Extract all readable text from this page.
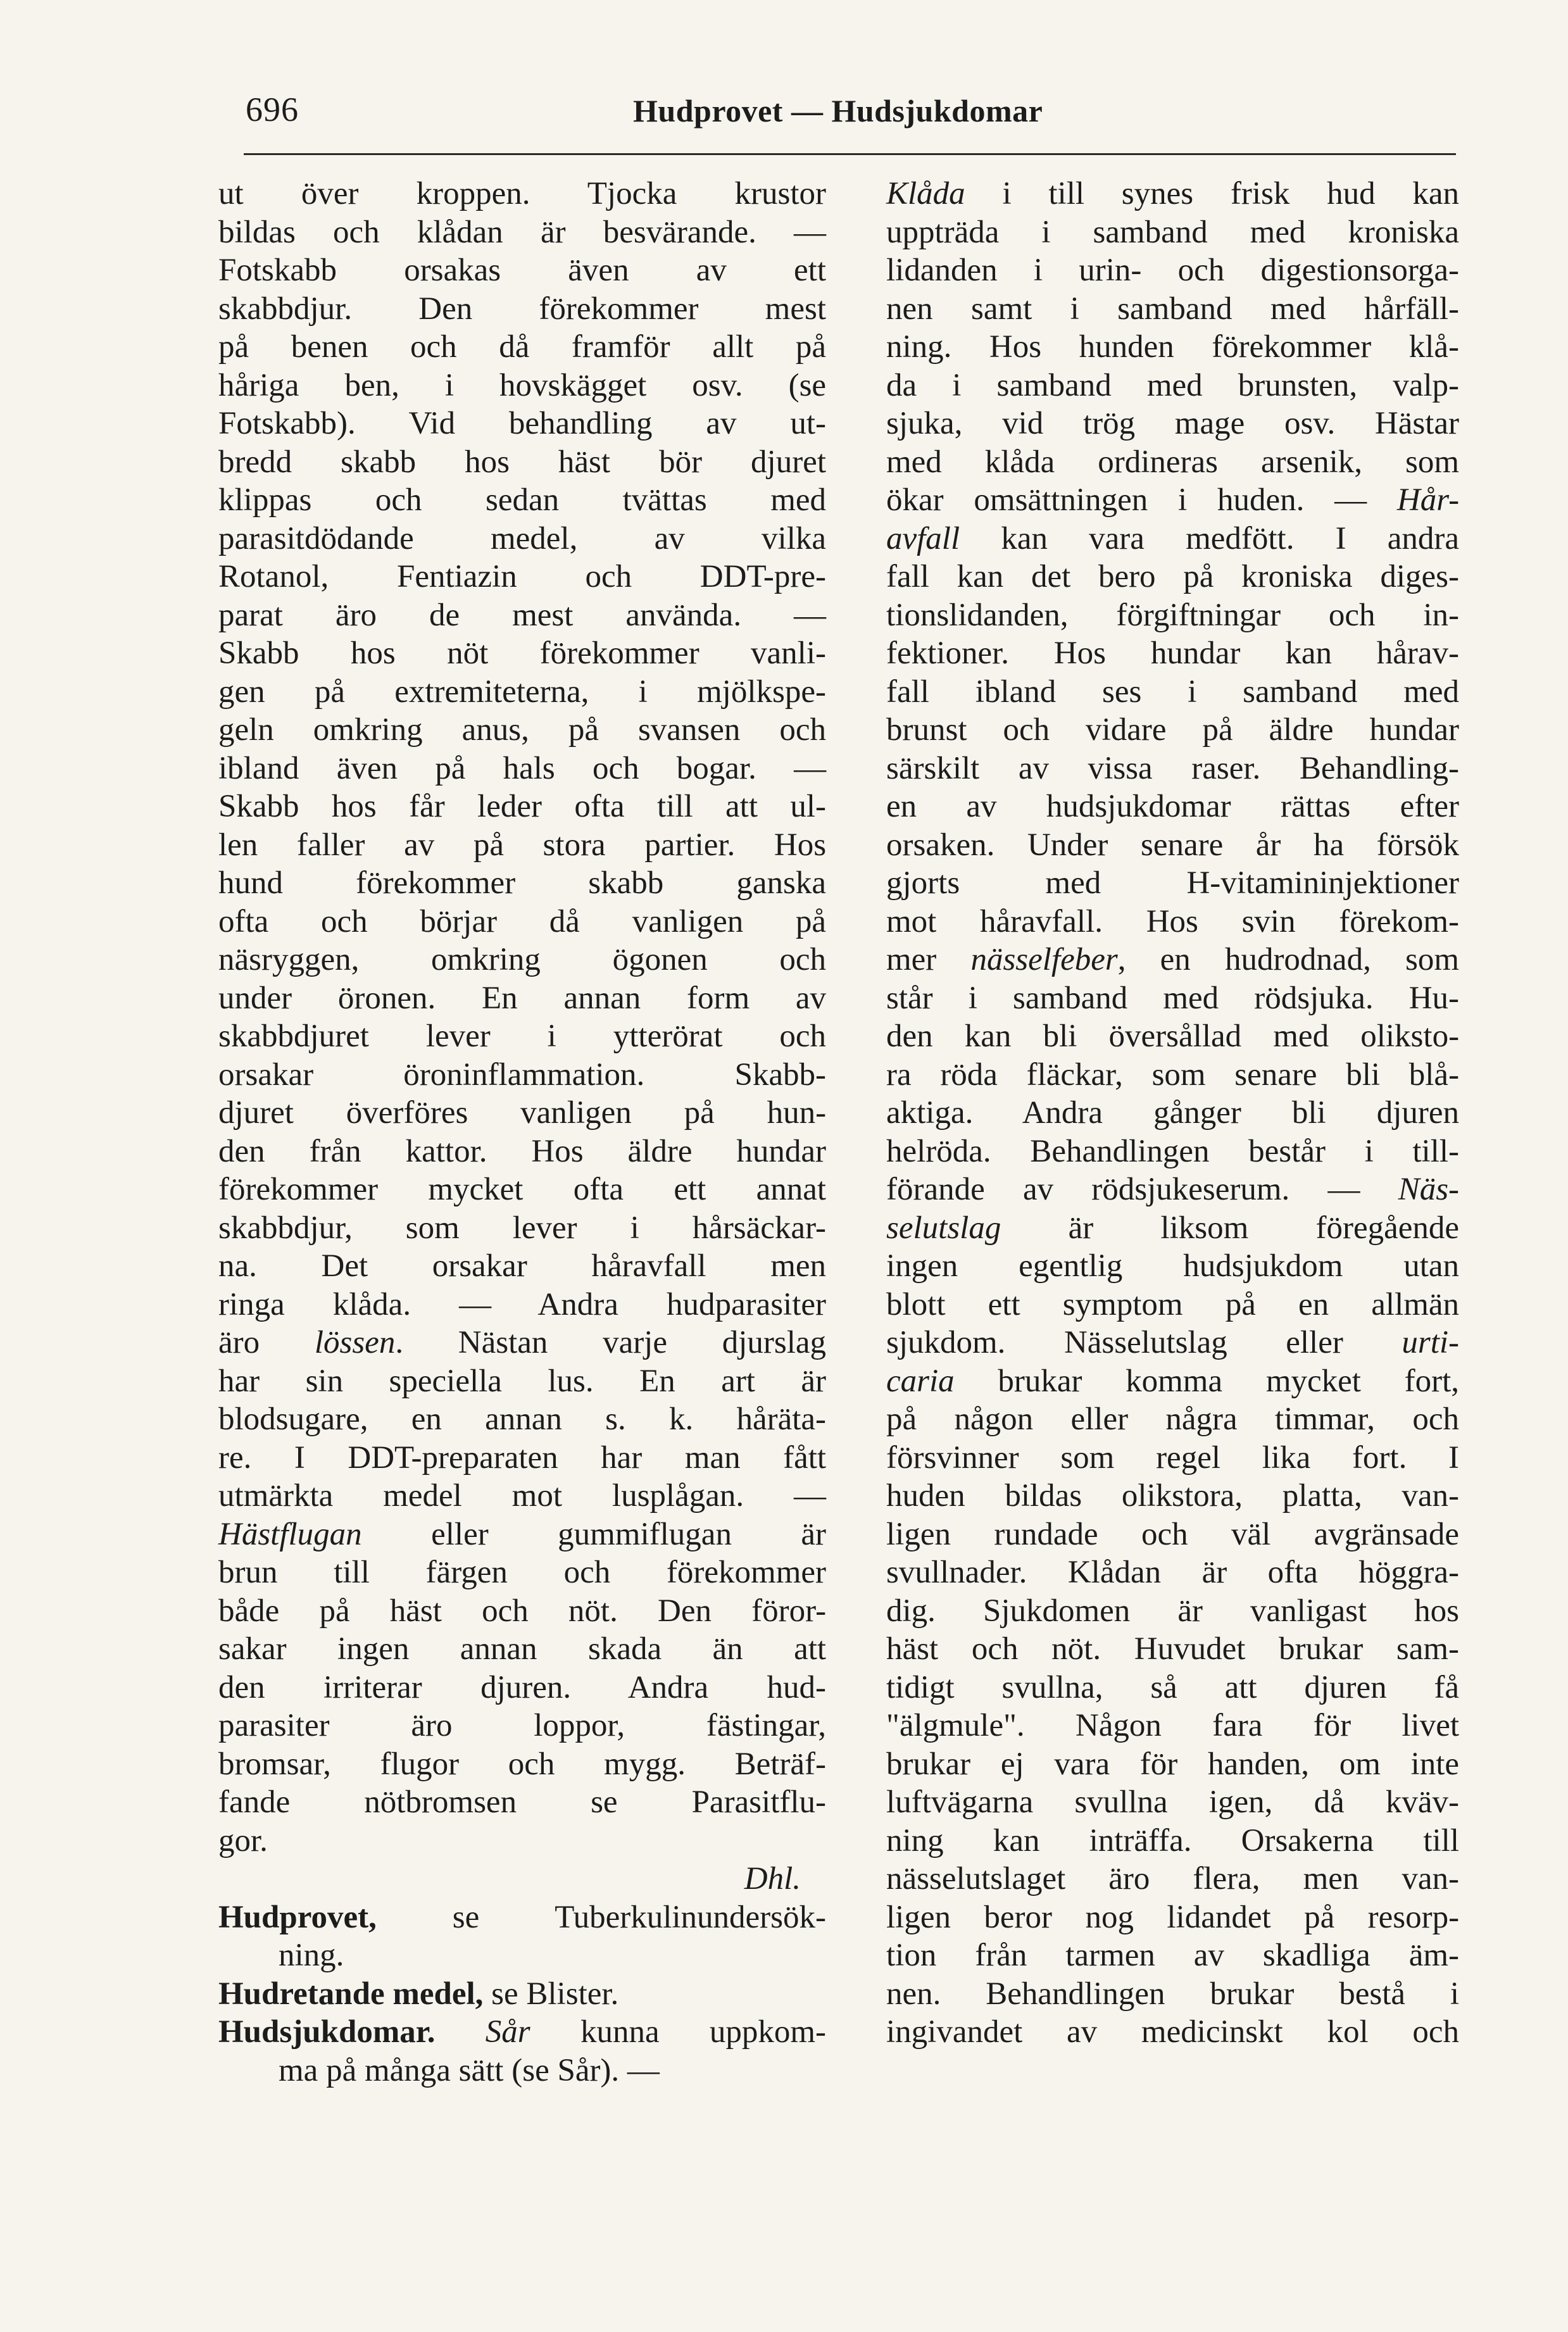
696	Hudprovet — Hudsjukdomar
ut över kroppen. Tjocka krustor
bildas och klådan är besvärande. —
Fotskabb orsakas även av ett
skabbdjur. Den förekommer mest
på benen och då framför allt på
håriga ben, i hovskägget osv. (se
Fotskabb). Vid behandling av ut-
bredd skabb hos häst bör djuret
klippas och sedan tvättas med
parasitdödande medel, av vilka
Rotanol, Fentiazin och DDT-pre-
parat äro de mest använda. —
Skabb hos nöt förekommer vanli-
gen på extremiteterna, i mjölkspe-
geln omkring anus, på svansen och
ibland även på hals och bogar. —
Skabb hos får leder ofta till att ul-
len faller av på stora partier. Hos
hund förekommer skabb ganska
ofta och börjar då vanligen på
näsryggen, omkring ögonen och
under öronen. En annan form av
skabbdjuret lever i ytterörat och
orsakar	öroninflammation.	Skabb-
djuret överföres vanligen på hun-
den från kattor. Hos äldre hundar
förekommer mycket ofta ett annat
skabbdjur, som lever i hårsäckar-
na. Det orsakar håravfall men
ringa klåda. — Andra hudparasiter
äro lössen. Nästan varje djurslag
har sin speciella lus. En art är
blodsugare, en annan s. k. håräta-
re. I DDT-preparaten har man fått
utmärkta medel mot lusplågan. —
Hästflugan eller gummiflugan är
brun till färgen och förekommer
både på häst och nöt. Den föror-
sakar ingen annan skada än att
den irriterar djuren. Andra hud-
parasiter	äro	loppor,	fästingar,
bromsar, flugor och mygg. Beträf-
fande nötbromsen se Parasitflu-
gor.
Dhl.
Hudprovet, se Tuberkulinundersök-
ning.
Hudretande medel, se Blister.
Hudsjukdomar. Sår kunna uppkom-
ma på många sätt (se Sår). —
Klåda i till synes frisk hud kan
uppträda i samband med kroniska
lidanden i urin- och digestionsorga-
nen samt i samband med hårfäll-
ning. Hos hunden förekommer klå-
da i samband med brunsten, valp-
sjuka, vid trög mage osv. Hästar
med klåda ordineras arsenik, som
ökar omsättningen i huden. — Hår-
avfall kan vara medfött. I andra
fall kan det bero på kroniska diges-
tionslidanden, förgiftningar och in-
fektioner. Hos hundar kan hårav-
fall ibland ses i samband med
brunst och vidare på äldre hundar
särskilt av vissa raser. Behandling-
en av hudsjukdomar rättas efter
orsaken. Under senare år ha försök
gjorts	med	H-vitamininjektioner
mot håravfall. Hos svin förekom-
mer nässelfeber, en hudrodnad, som
står i samband med rödsjuka. Hu-
den kan bli översållad med olikstо-
ra röda fläckar, som senare bli blå-
aktiga. Andra gånger bli djuren
helröda. Behandlingen består i till-
förande av rödsjukeserum. — Näs-
selutslag är liksom föregående
ingen egentlig hudsjukdom utan
blott ett symptom på en allmän
sjukdom. Nässelutslag eller urti-
caria brukar komma mycket fort,
på någon eller några timmar, och
försvinner som regel lika fort. I
huden bildas olikstora, platta, van-
ligen rundade och väl avgränsade
svullnader. Klådan är ofta höggra-
dig. Sjukdomen är vanligast hos
häst och nöt. Huvudet brukar sam-
tidigt svullna, så att djuren få
"älgmule". Någon fara för livet
brukar ej vara för handen, om inte
luftvägarna svullna igen, då kväv-
ning kan inträffa. Orsakerna till
nässelutslaget äro flera, men van-
ligen beror nog lidandet på resorp-
tion från tarmen av skadliga äm-
nen. Behandlingen brukar bestå i
ingivandet av medicinskt kol och
